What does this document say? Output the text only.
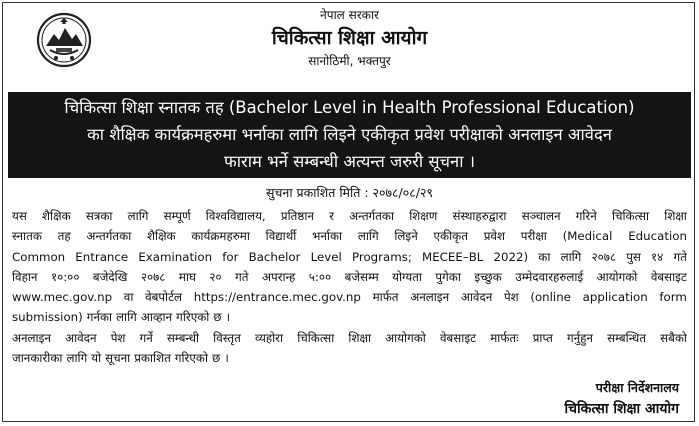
नेपाल सरकार
चिकित्सा शिक्षा आयोग
सानोठिमी, भक्तपुर
चिकित्सा शिक्षा स्नातक तह (Bachelor Level in Health Professional Education)
का शैक्षिक कार्यक्रमहरुमा भर्नाका लागि लिइने एकीकृत प्रवेश परीक्षाको अनलाइन आवेदन
फाराम भर्ने सम्बन्धी अत्यन्त जरुरी सूचना ।
सुचना प्रकाशित मिति : २०७८/०८/२९
यस शैक्षिक सत्रका लागि सम्पूर्ण विश्वविद्यालय, प्रतिष्ठान र अन्तर्गतका शिक्षण संस्थाहरुद्वारा सञ्चालन गरिने चिकित्सा शिक्षा
स्नातक तह अन्तर्गतका शैक्षिक कार्यक्रमहरुमा विद्यार्थी भर्नाका लागि लिइने एकीकृत प्रवेश परीक्षा (Medical Education
Common Entrance Examination for Bachelor Level Programs; MECEE–BL 2022) का लागि २०७८ पुस १४ गते
विहान १०:०० बजेदेखि २०७८ माघ २० गते अपरान्ह ५:०० बजेसम्म योग्यता पुगेका इच्छुक उम्मेदवारहरुलाई आयोगको वेबसाइट
www.mec.gov.np वा वेबपोर्टल https://entrance.mec.gov.np मार्फत अनलाइन आवेदन पेश (online application form
submission) गर्नका लागि आव्हान गरिएको छ ।
अनलाइन आवेदन पेश गर्ने सम्बन्धी विस्तृत व्यहोरा चिकित्सा शिक्षा आयोगको वेबसाइट मार्फतः प्राप्त गर्नुहुन सम्बन्धित सबैको
जानकारीका लागि यो सूचना प्रकाशित गरिएको छ ।
परीक्षा निर्देशनालय
चिकित्सा शिक्षा आयोग
